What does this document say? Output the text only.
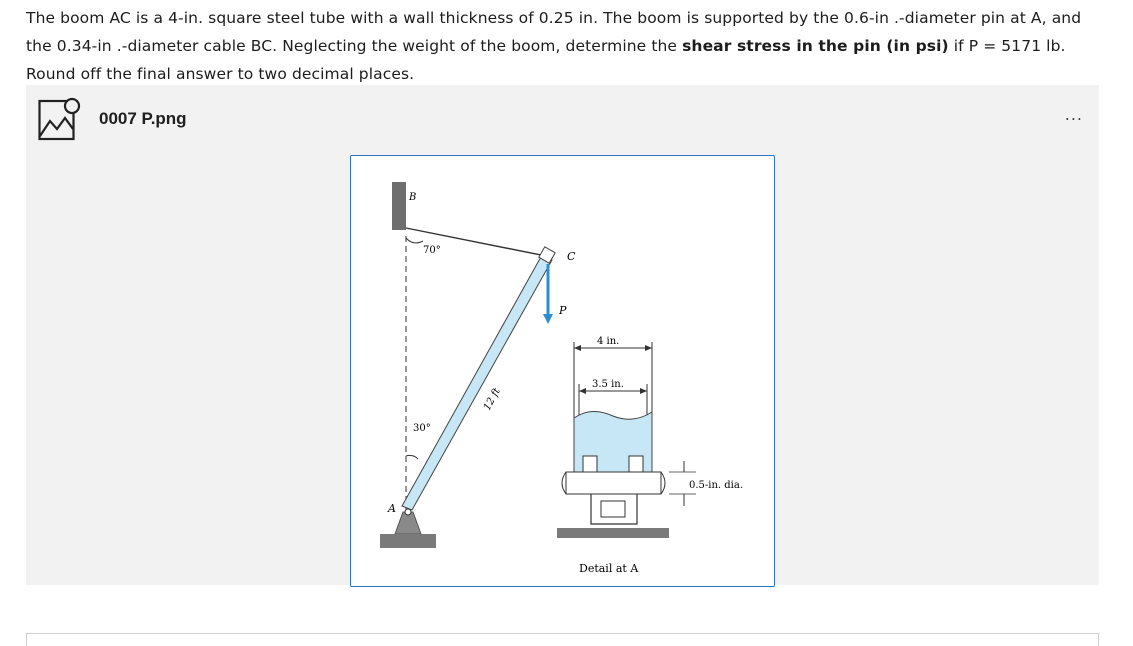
The boom AC is a 4-in. square steel tube with a wall thickness of 0.25 in. The boom is supported by the 0.6-in .-diameter pin at A, and the 0.34-in .-diameter cable BC. Neglecting the weight of the boom, determine the shear stress in the pin (in psi) if P = 5171 lb. Round off the final answer to two decimal places.
0007 P.png	...
B
70°	C
P
30°
12 ft
A
4 in.
3.5 in.
0.5-in. dia.
Detail at A
